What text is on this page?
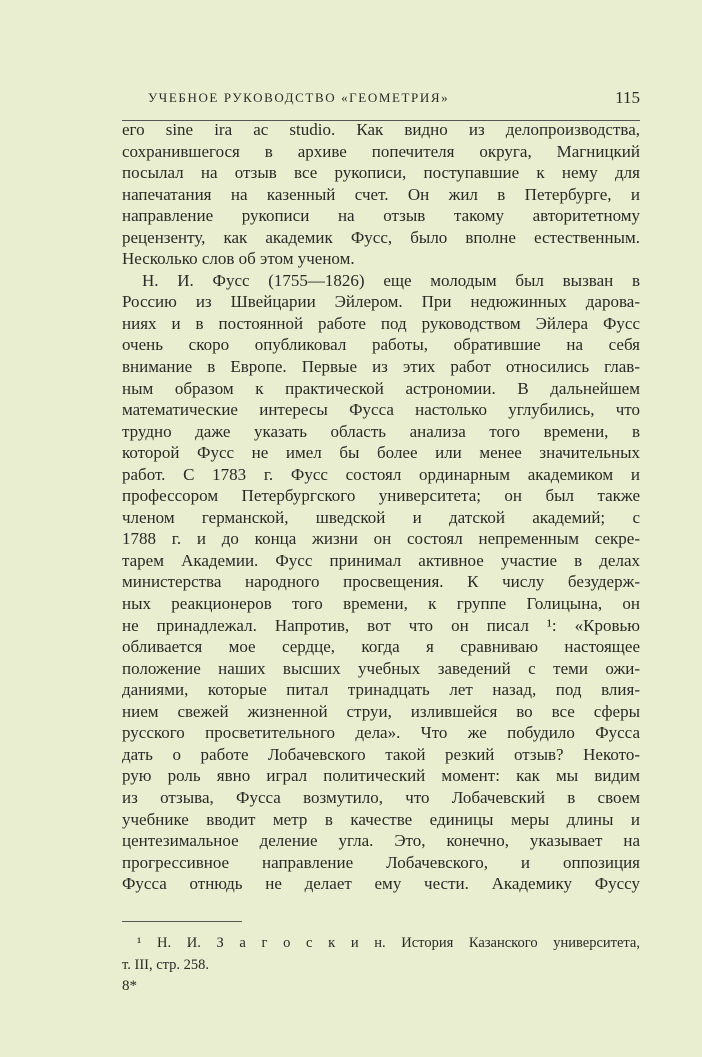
УЧЕБНОЕ РУКОВОДСТВО «ГЕОМЕТРИЯ»	115
его sine ira ac studio. Как видно из делопроизводства,
сохранившегося в архиве попечителя округа, Магницкий
посылал на отзыв все рукописи, поступавшие к нему для
напечатания на казенный счет. Он жил в Петербурге, и
направление рукописи на отзыв такому авторитетному
рецензенту, как академик Фусс, было вполне естественным.
Несколько слов об этом ученом.
Н. И. Фусс (1755—1826) еще молодым был вызван в
Россию из Швейцарии Эйлером. При недюжинных дарова-
ниях и в постоянной работе под руководством Эйлера Фусс
очень скоро опубликовал работы, обратившие на себя
внимание в Европе. Первые из этих работ относились глав-
ным образом к практической астрономии. В дальнейшем
математические интересы Фусса настолько углубились, что
трудно даже указать область анализа того времени, в
которой Фусс не имел бы более или менее значительных
работ. С 1783 г. Фусс состоял ординарным академиком и
профессором Петербургского университета; он был также
членом германской, шведской и датской академий; с
1788 г. и до конца жизни он состоял непременным секре-
тарем Академии. Фусс принимал активное участие в делах
министерства народного просвещения. К числу безудерж-
ных реакционеров того времени, к группе Голицына, он
не принадлежал. Напротив, вот что он писал ¹: «Кровью
обливается мое сердце, когда я сравниваю настоящее
положение наших высших учебных заведений с теми ожи-
даниями, которые питал тринадцать лет назад, под влия-
нием свежей жизненной струи, излившейся во все сферы
русского просветительного дела». Что же побудило Фусса
дать о работе Лобачевского такой резкий отзыв? Некото-
рую роль явно играл политический момент: как мы видим
из отзыва, Фусса возмутило, что Лобачевский в своем
учебнике вводит метр в качестве единицы меры длины и
центезимальное деление угла. Это, конечно, указывает на
прогрессивное направление Лобачевского, и оппозиция
Фусса отнюдь не делает ему чести. Академику Фуссу
¹ Н. И. З а г о с к и н. История Казанского университета,
т. III, стр. 258.
8*
